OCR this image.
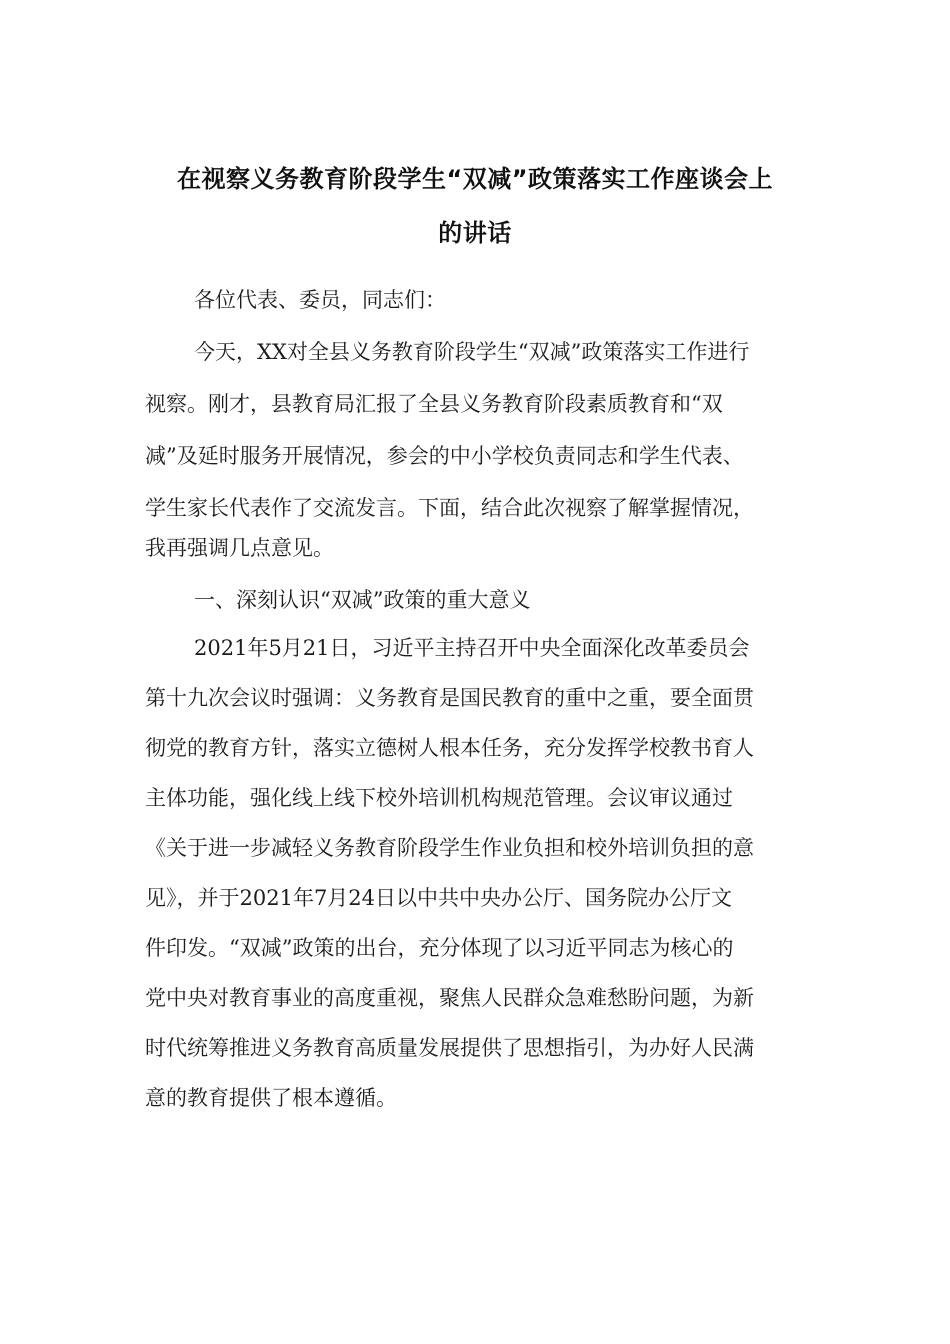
在视察义务教育阶段学生“双减”政策落实工作座谈会上
的讲话
各位代表、委员，同志们：
今天，XX对全县义务教育阶段学生“双减”政策落实工作进行
视察。刚才，县教育局汇报了全县义务教育阶段素质教育和“双
减”及延时服务开展情况，参会的中小学校负责同志和学生代表、
学生家长代表作了交流发言。下面，结合此次视察了解掌握情况，
我再强调几点意见。
一、深刻认识“双减”政策的重大意义
2021年5月21日，习近平主持召开中央全面深化改革委员会
第十九次会议时强调：义务教育是国民教育的重中之重，要全面贯
彻党的教育方针，落实立德树人根本任务，充分发挥学校教书育人
主体功能，强化线上线下校外培训机构规范管理。会议审议通过
《关于进一步减轻义务教育阶段学生作业负担和校外培训负担的意
见》，并于2021年7月24日以中共中央办公厅、国务院办公厅文
件印发。“双减”政策的出台，充分体现了以习近平同志为核心的
党中央对教育事业的高度重视，聚焦人民群众急难愁盼问题，为新
时代统筹推进义务教育高质量发展提供了思想指引，为办好人民满
意的教育提供了根本遵循。
